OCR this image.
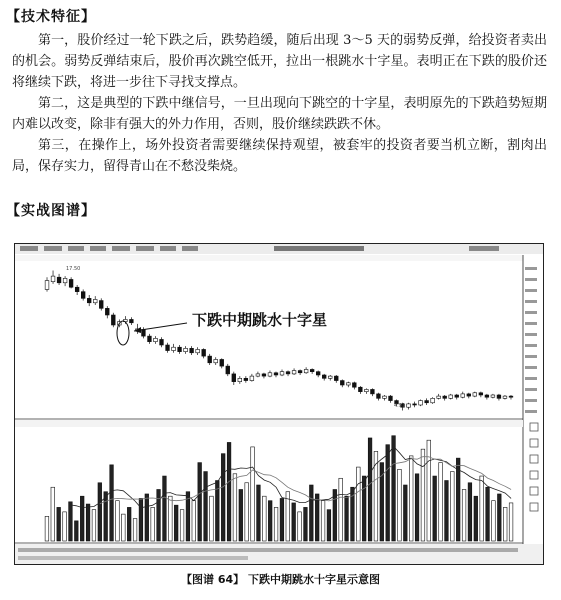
【技术特征】

第一，股价经过一轮下跌之后，跌势趋缓，随后出现 3～5 天的弱势反弹，给投资者卖出的机会。弱势反弹结束后，股价再次跳空低开，拉出一根跳水十字星。表明正在下跌的股价还将继续下跌，将进一步往下寻找支撑点。

第二，这是典型的下跌中继信号，一旦出现向下跳空的十字星，表明原先的下跌趋势短期内难以改变，除非有强大的外力作用，否则，股价继续跌跌不休。

第三，在操作上，场外投资者需要继续保持观望，被套牢的投资者要当机立断，割肉出局，保存实力，留得青山在不愁没柴烧。

【实战图谱】
下跌中期跳水十字星
17.50
4.91
【图谱 64】 下跌中期跳水十字星示意图
